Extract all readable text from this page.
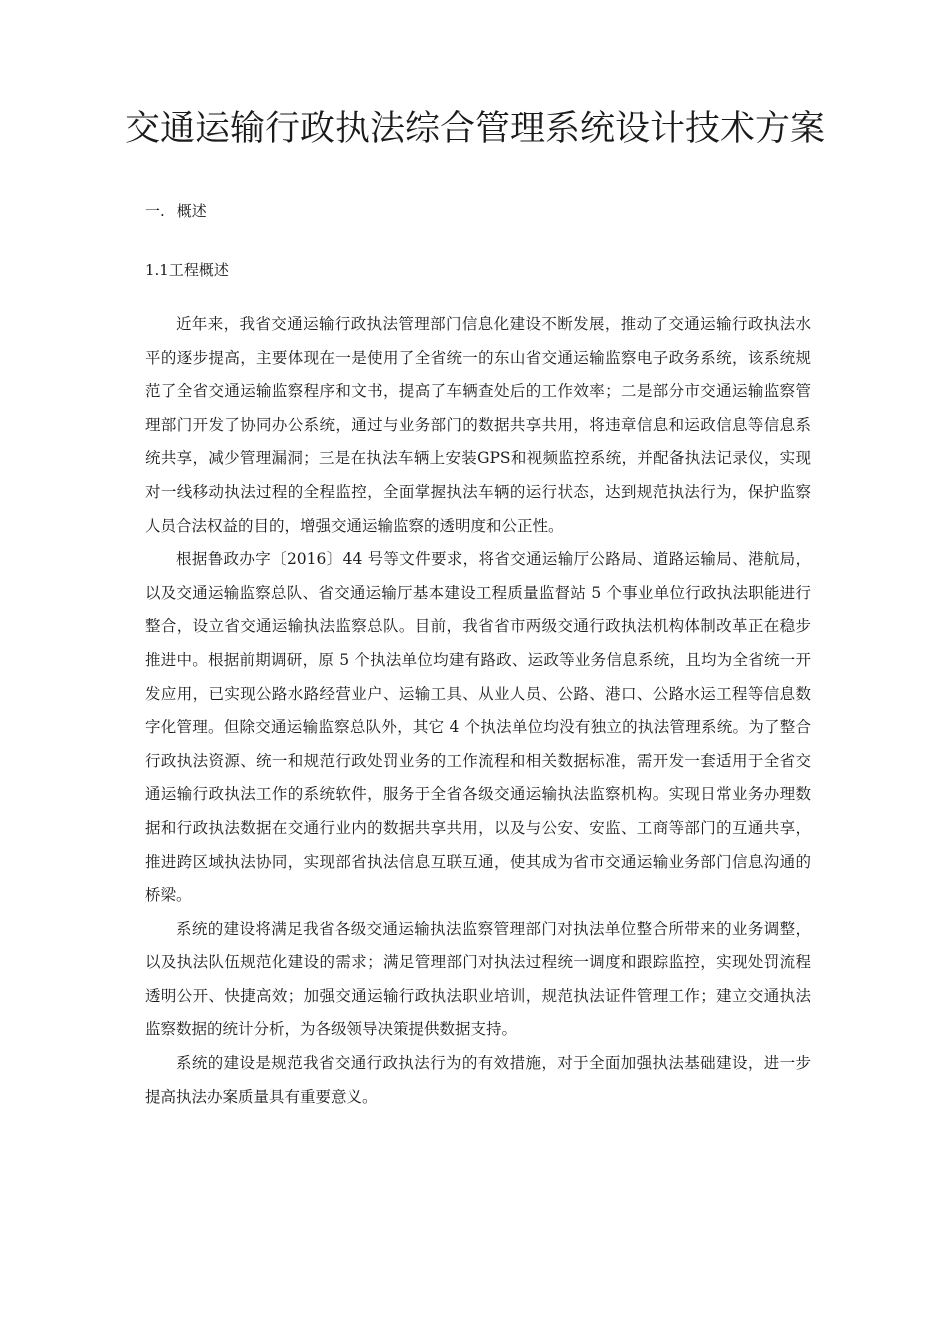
交通运输行政执法综合管理系统设计技术方案
一. 概述
1.1工程概述

近年来，我省交通运输行政执法管理部门信息化建设不断发展，推动了交通运输行政执法水平的逐步提高，主要体现在一是使用了全省统一的东山省交通运输监察电子政务系统，该系统规范了全省交通运输监察程序和文书，提高了车辆查处后的工作效率；二是部分市交通运输监察管理部门开发了协同办公系统，通过与业务部门的数据共享共用，将违章信息和运政信息等信息系统共享，减少管理漏洞；三是在执法车辆上安装GPS和视频监控系统，并配备执法记录仪，实现对一线移动执法过程的全程监控，全面掌握执法车辆的运行状态，达到规范执法行为，保护监察人员合法权益的目的，增强交通运输监察的透明度和公正性。

根据鲁政办字〔2016〕44 号等文件要求，将省交通运输厅公路局、道路运输局、港航局，以及交通运输监察总队、省交通运输厅基本建设工程质量监督站 5 个事业单位行政执法职能进行整合，设立省交通运输执法监察总队。目前，我省省市两级交通行政执法机构体制改革正在稳步推进中。根据前期调研，原 5 个执法单位均建有路政、运政等业务信息系统，且均为全省统一开发应用，已实现公路水路经营业户、运输工具、从业人员、公路、港口、公路水运工程等信息数字化管理。但除交通运输监察总队外，其它 4 个执法单位均没有独立的执法管理系统。为了整合行政执法资源、统一和规范行政处罚业务的工作流程和相关数据标准，需开发一套适用于全省交通运输行政执法工作的系统软件，服务于全省各级交通运输执法监察机构。实现日常业务办理数据和行政执法数据在交通行业内的数据共享共用，以及与公安、安监、工商等部门的互通共享，推进跨区域执法协同，实现部省执法信息互联互通，使其成为省市交通运输业务部门信息沟通的桥梁。

系统的建设将满足我省各级交通运输执法监察管理部门对执法单位整合所带来的业务调整，以及执法队伍规范化建设的需求；满足管理部门对执法过程统一调度和跟踪监控，实现处罚流程透明公开、快捷高效；加强交通运输行政执法职业培训，规范执法证件管理工作；建立交通执法监察数据的统计分析，为各级领导决策提供数据支持。

系统的建设是规范我省交通行政执法行为的有效措施，对于全面加强执法基础建设，进一步提高执法办案质量具有重要意义。
